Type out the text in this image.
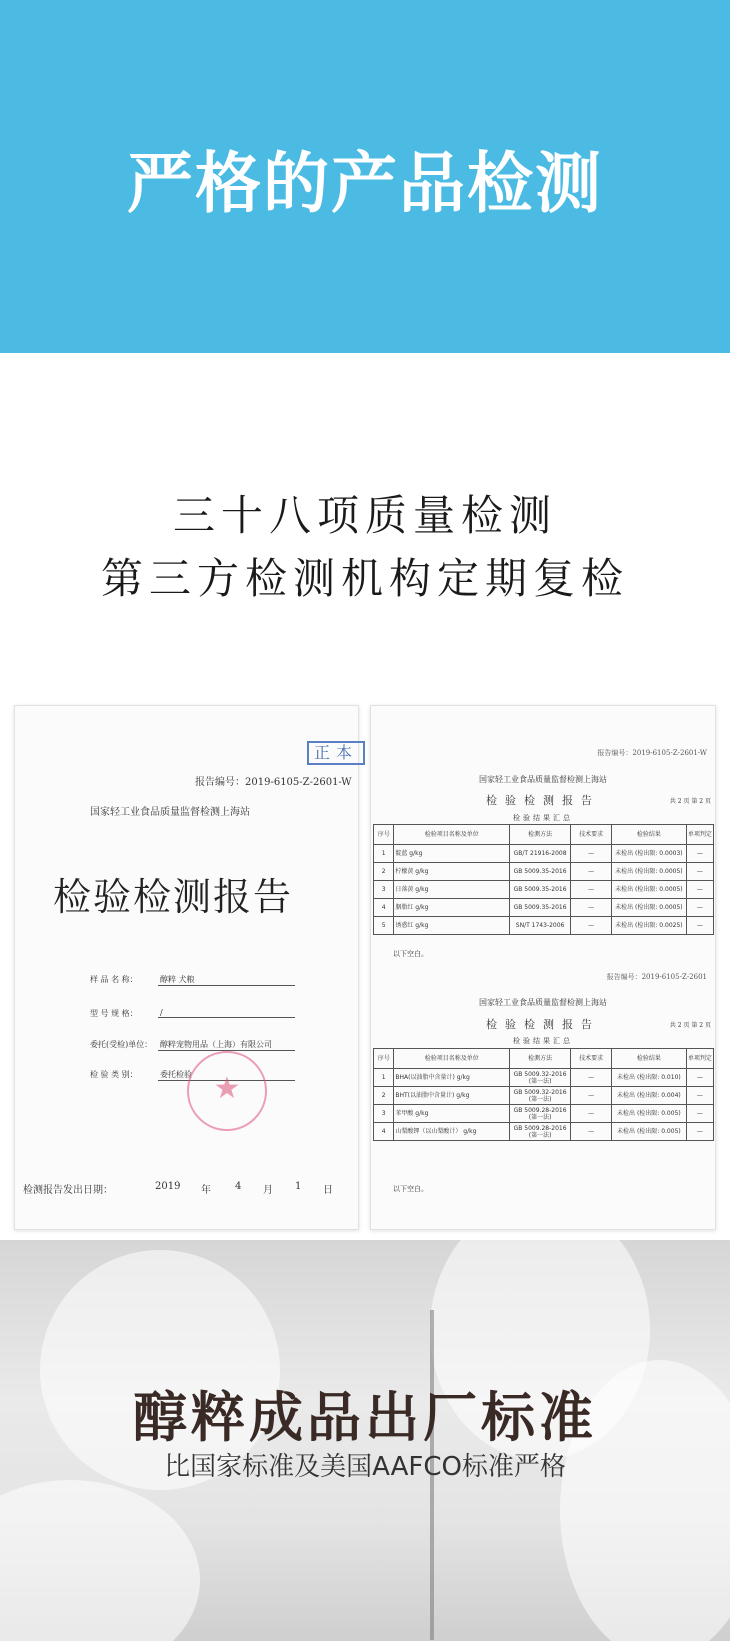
严格的产品检测
三十八项质量检测
第三方检测机构定期复检
正本
报告编号：2019-6105-Z-2601-W
国家轻工业食品质量监督检测上海站
检验检测报告
样 品 名 称：	醇粹 犬粮
型 号 规 格：	/
委托(受检)单位： 醇粹宠物用品（上海）有限公司
检 验 类 别：	委托检验 ★
检测报告发出日期：	2019 年 4 月 1 日
报告编号：2019-6105-Z-2601-W
国家轻工业食品质量监督检测上海站
检验检测报告	共 2 页 第 2 页
检验结果汇总
序号	检验项目名称及单位	检测方法	技术要求	检验结果	单项判定
1	靛蓝 g/kg	GB/T 21916-2008	—	未检出 (检出限: 0.0003)	—
2	柠檬黄 g/kg	GB 5009.35-2016	—	未检出 (检出限: 0.0005)	—
3	日落黄 g/kg	GB 5009.35-2016	—	未检出 (检出限: 0.0005)	—
4	胭脂红 g/kg	GB 5009.35-2016	—	未检出 (检出限: 0.0005)	—
5	诱惑红 g/kg	SN/T 1743-2006	—	未检出 (检出限: 0.0025)	—
以下空白。
报告编号：2019-6105-Z-2601
国家轻工业食品质量监督检测上海站
检验检测报告	共 2 页 第 2 页
检验结果汇总
序号	检验项目名称及单位	检测方法	技术要求	检验结果	单项判定
1	BHA(以油脂中含量计) g/kg	GB 5009.32-2016 (第一法)	—	未检出 (检出限: 0.010)	—
2	BHT(以油脂中含量计) g/kg	GB 5009.32-2016 (第一法)	—	未检出 (检出限: 0.004)	—
3	苯甲酸 g/kg	GB 5009.28-2016 (第一法)	—	未检出 (检出限: 0.005)	—
4	山梨酸钾（以山梨酸计） g/kg	GB 5009.28-2016 (第一法)	—	未检出 (检出限: 0.005)	—
以下空白。
醇粹成品出厂标准
比国家标准及美国AAFCO标准严格
